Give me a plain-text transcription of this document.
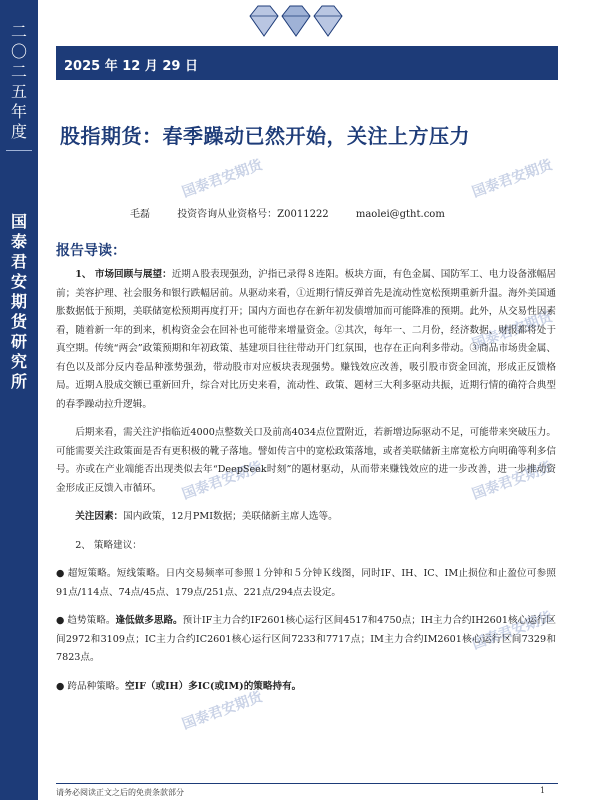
国泰君安期货	国泰君安期货
国泰君安期货
国泰君安期货
国泰君安期货
国泰君安期货
国泰君安期货
二
〇
二
五
年
度
国
泰
君
安
期
货
研
究
所
2025 年 12 月 29 日
股指期货：春季躁动已然开始，关注上方压力
毛磊	投资咨询从业资格号：Z0011222	maolei@gtht.com
报告导读：

1、 市场回顾与展望：近期Ａ股表现强劲，沪指已录得８连阳。板块方面，有色金属、国防军工、电力设备涨幅居前；美容护理、社会服务和银行跌幅居前。从驱动来看，①近期行情反弹首先是流动性宽松预期重新升温。海外美国通胀数据低于预期，美联储宽松预期再度打开；国内方面也存在新年初发债增加而可能降准的预期。此外，从交易性因素看，随着新一年的到来，机构资金会在回补也可能带来增量资金。②其次，每年一、二月份，经济数据、财报都将处于真空期。传统“两会”政策预期和年初政策、基建项目往往带动开门红氛围，也存在正向利多带动。③商品市场贵金属、有色以及部分反内卷品种涨势强劲，带动股市对应板块表现强势。赚钱效应改善，吸引股市资金回流，形成正反馈格局。近期Ａ股成交额已重新回升，综合对比历史来看，流动性、政策、题材三大利多驱动共振，近期行情的确符合典型的春季躁动拉升逻辑。

后期来看，需关注沪指临近4000点整数关口及前高4034点位置附近，若新增边际驱动不足，可能带来突破压力。可能需要关注政策面是否有更积极的靴子落地。譬如传言中的宽松政策落地，或者美联储新主席宽松方向明确等利多信号。亦或在产业端能否出现类似去年“DeepSeek时刻”的题材驱动，从而带来赚钱效应的进一步改善，进一步推动资金形成正反馈入市循环。

关注因素：国内政策，12月PMI数据；美联储新主席人选等。

2、 策略建议：

● 超短策略。短线策略。日内交易频率可参照１分钟和５分钟Ｋ线图，同时IF、IH、IC、IM止损位和止盈位可参照91点/114点、74点/45点、179点/251点、221点/294点去设定。

● 趋势策略。逢低做多思路。预计IF主力合约IF2601核心运行区间4517和4750点；IH主力合约IH2601核心运行区间2972和3109点；IC主力合约IC2601核心运行区间7233和7717点；IM主力合约IM2601核心运行区间7329和7823点。

● 跨品种策略。空IF（或IH）多IC(或IM)的策略持有。

请务必阅读正文之后的免责条款部分	1
